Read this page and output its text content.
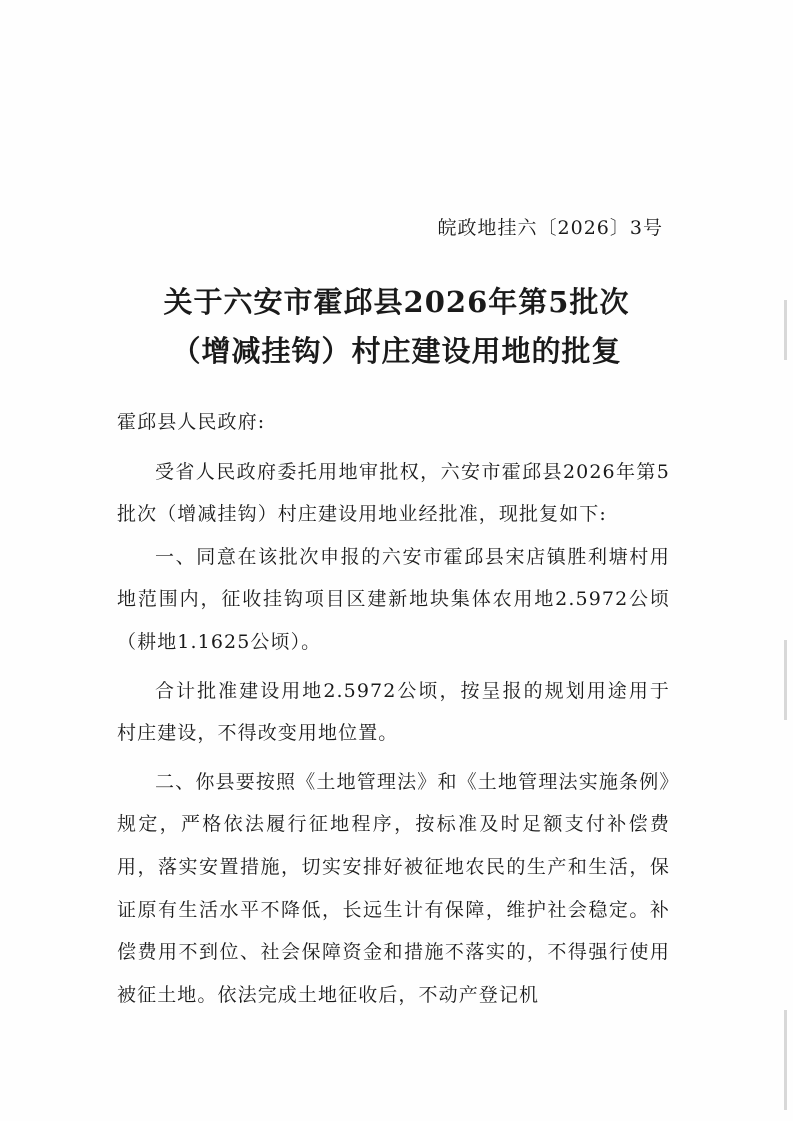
皖政地挂六〔2026〕3号
关于六安市霍邱县2026年第5批次
（增减挂钩）村庄建设用地的批复

霍邱县人民政府:

受省人民政府委托用地审批权，六安市霍邱县2026年第5批次（增减挂钩）村庄建设用地业经批准，现批复如下:

一、同意在该批次申报的六安市霍邱县宋店镇胜利塘村用地范围内，征收挂钩项目区建新地块集体农用地2.5972公顷（耕地1.1625公顷）。

合计批准建设用地2.5972公顷，按呈报的规划用途用于村庄建设，不得改变用地位置。

二、你县要按照《土地管理法》和《土地管理法实施条例》规定，严格依法履行征地程序，按标准及时足额支付补偿费用，落实安置措施，切实安排好被征地农民的生产和生活，保证原有生活水平不降低，长远生计有保障，维护社会稳定。补偿费用不到位、社会保障资金和措施不落实的，不得强行使用被征土地。依法完成土地征收后，不动产登记机
